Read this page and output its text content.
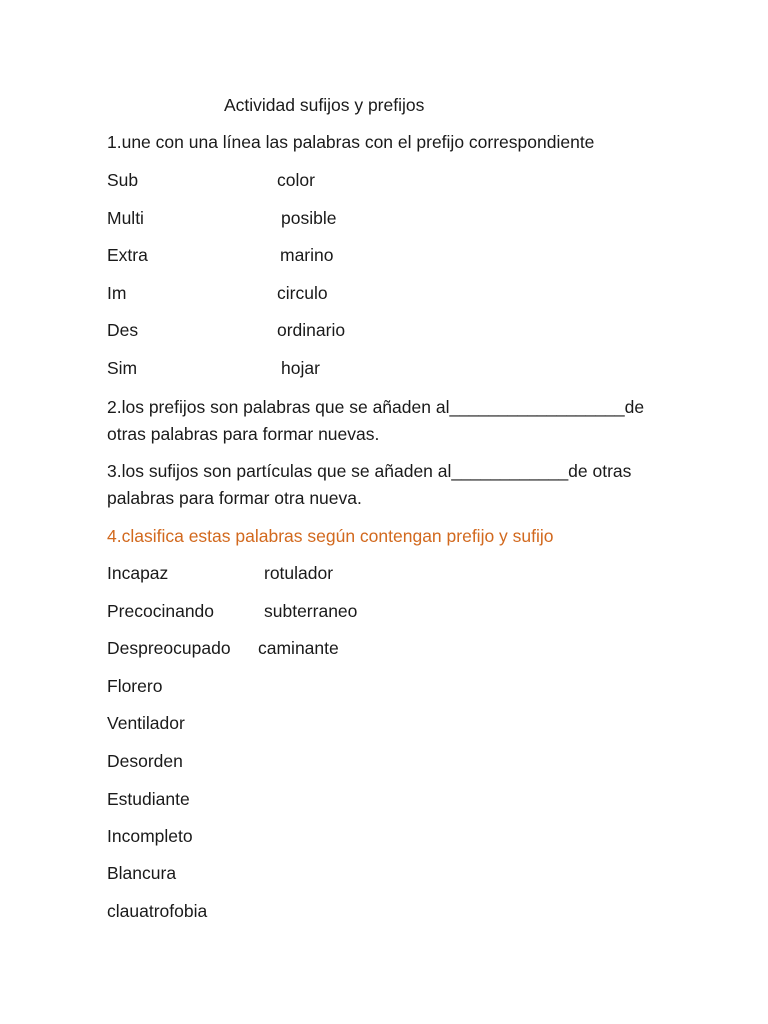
Actividad sufijos y prefijos
1.une con una línea las palabras con el prefijo correspondiente
Sub	color
Multi	posible
Extra	marino
Im	circulo
Des	ordinario
Sim	hojar
2.los prefijos son palabras que se añaden al__________________de
otras palabras para formar nuevas.
3.los sufijos son partículas que se añaden al____________de otras
palabras para formar otra nueva.
4.clasifica estas palabras según contengan prefijo y sufijo
Incapaz	rotulador
Precocinando	subterraneo
Despreocupado caminante
Florero
Ventilador
Desorden
Estudiante
Incompleto
Blancura
clauatrofobia
